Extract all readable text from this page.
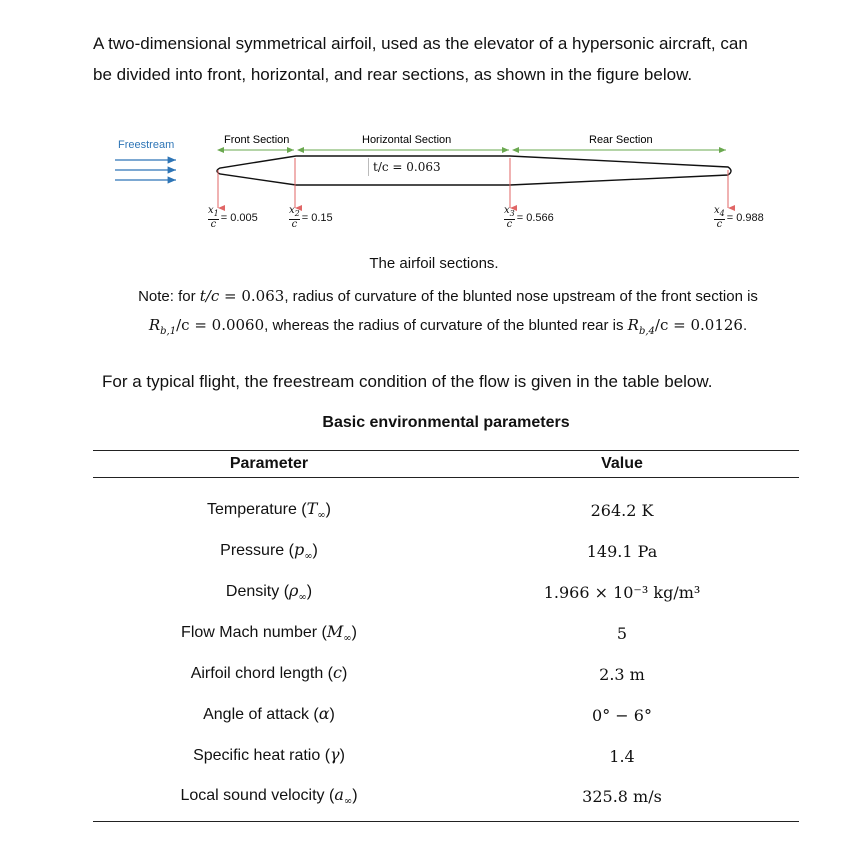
A two-dimensional symmetrical airfoil, used as the elevator of a hypersonic aircraft, can
be divided into front, horizontal, and rear sections, as shown in the figure below.

Freestream	Front Section	Horizontal Section	Rear Section
t/c = 0.063
$\frac{x_1}{c} = 0.005$	$\frac{x_2}{c} = 0.15$	$\frac{x_3}{c} = 0.566$	$\frac{x_4}{c} = 0.988$

The airfoil sections.

Note: for t/c = 0.063, radius of curvature of the blunted nose upstream of the front section is
$R_{b,1}/c = 0.0060$, whereas the radius of curvature of the blunted rear is $R_{b,4}/c = 0.0126$.

For a typical flight, the freestream condition of the flow is given in the table below.

Basic environmental parameters

Parameter	Value
Temperature $(T_\infty)$	264.2 K
Pressure $(p_\infty)$	149.1 Pa
Density $(\rho_\infty)$	1.966 × 10⁻³ kg/m³
Flow Mach number $(M_\infty)$	5
Airfoil chord length (c)	2.3 m
Angle of attack (α)	0° − 6°
Specific heat ratio (γ)	1.4
Local sound velocity $(a_\infty)$	325.8 m/s
